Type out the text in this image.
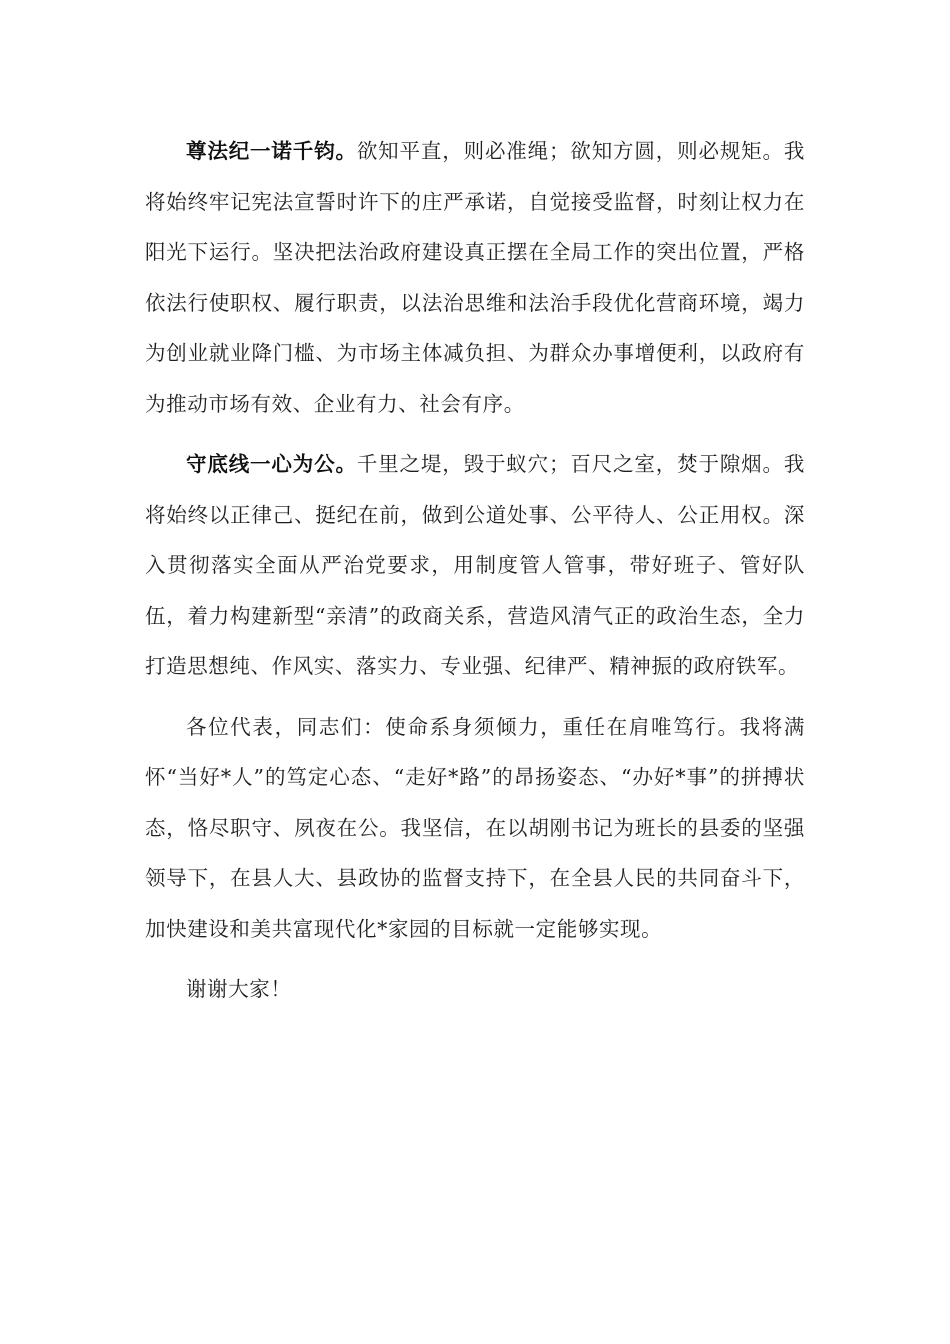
尊法纪一诺千钧。欲知平直，则必准绳；欲知方圆，则必规矩。我将始终牢记宪法宣誓时许下的庄严承诺，自觉接受监督，时刻让权力在阳光下运行。坚决把法治政府建设真正摆在全局工作的突出位置，严格依法行使职权、履行职责，以法治思维和法治手段优化营商环境，竭力为创业就业降门槛、为市场主体减负担、为群众办事增便利，以政府有为推动市场有效、企业有力、社会有序。

守底线一心为公。千里之堤，毁于蚁穴；百尺之室，焚于隙烟。我将始终以正律己、挺纪在前，做到公道处事、公平待人、公正用权。深入贯彻落实全面从严治党要求，用制度管人管事，带好班子、管好队伍，着力构建新型“亲清”的政商关系，营造风清气正的政治生态，全力打造思想纯、作风实、落实力、专业强、纪律严、精神振的政府铁军。

各位代表，同志们：使命系身须倾力，重任在肩唯笃行。我将满怀“当好*人”的笃定心态、“走好*路”的昂扬姿态、“办好*事”的拼搏状态，恪尽职守、夙夜在公。我坚信，在以胡刚书记为班长的县委的坚强领导下，在县人大、县政协的监督支持下，在全县人民的共同奋斗下，加快建设和美共富现代化*家园的目标就一定能够实现。

谢谢大家！
